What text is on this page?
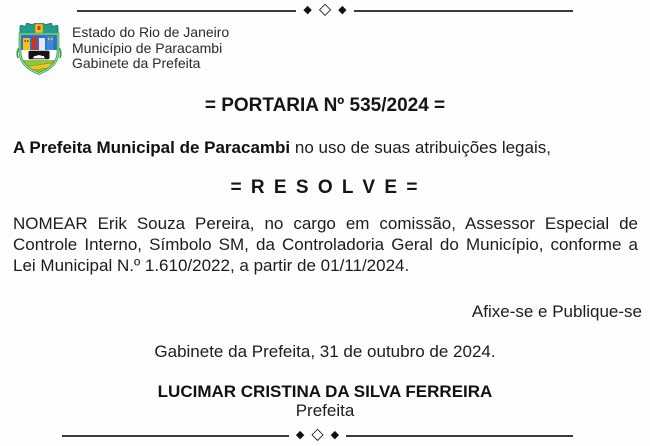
◆ ◇ ◆
Estado do Rio de Janeiro
Município de Paracambi
Gabinete da Prefeita
= PORTARIA Nº 535/2024 =
A Prefeita Municipal de Paracambi no uso de suas atribuições legais,
= R E S O L V E =
NOMEAR Erik Souza Pereira, no cargo em comissão, Assessor Especial de Controle Interno, Símbolo SM, da Controladoria Geral do Município, conforme a Lei Municipal N.º 1.610/2022, a partir de 01/11/2024.
Afixe-se e Publique-se
Gabinete da Prefeita, 31 de outubro de 2024.
LUCIMAR CRISTINA DA SILVA FERREIRA
Prefeita
◆ ◇ ◆
